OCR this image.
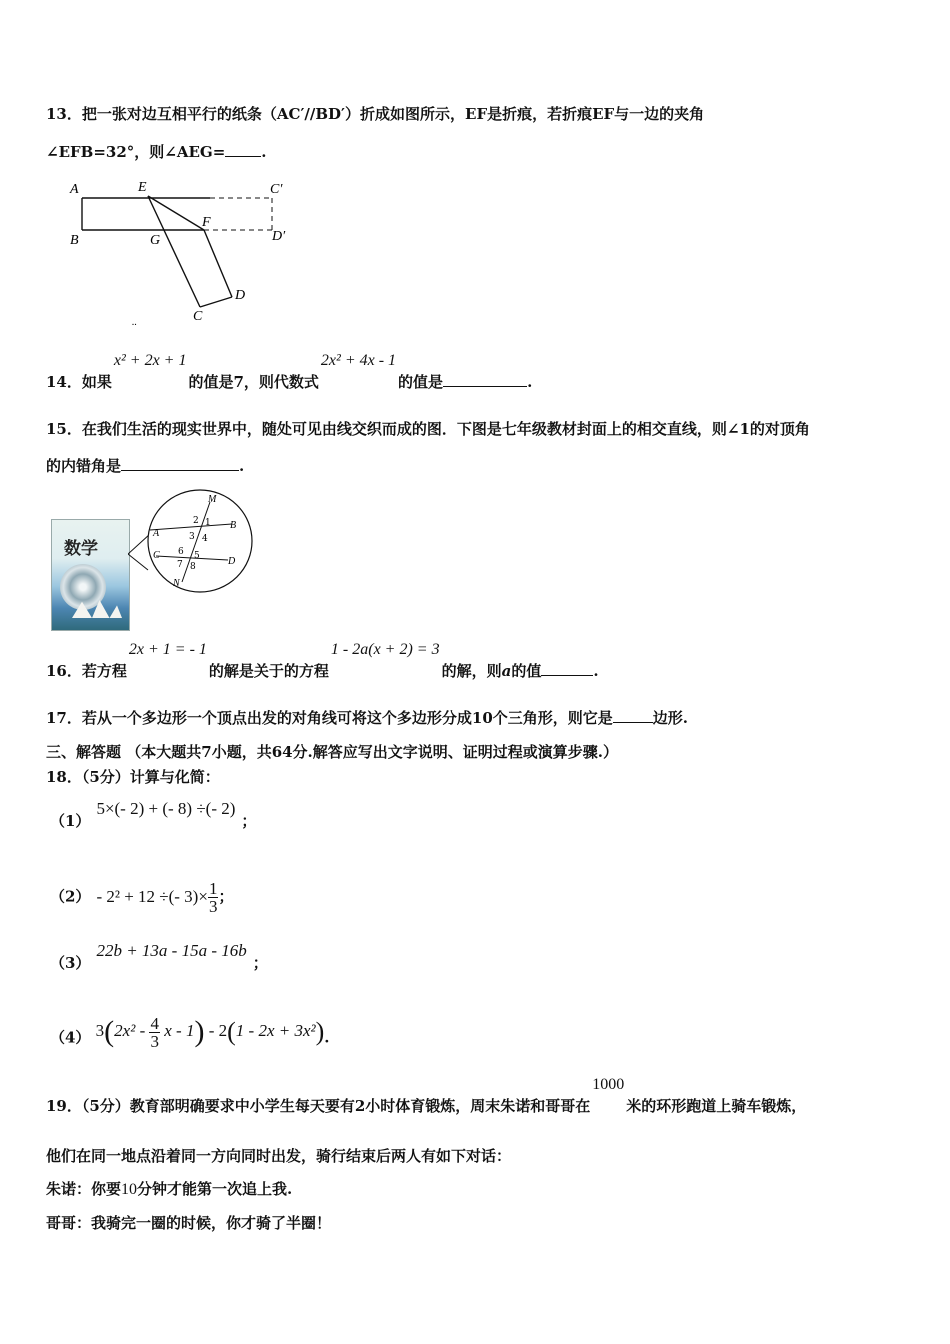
13．把一张对边互相平行的纸条（AC′//BD′）折成如图所示，EF是折痕，若折痕EF与一边的夹角
∠EFB=32°，则∠AEG= .
A	E	C′
B	G
F
D′
D
C
..
14．如果x² + 2x + 1的值是7，则代数式2x² + 4x - 1的值是	.
15．在我们生活的现实世界中，随处可见由线交织而成的图．下图是七年级教材封面上的相交直线，则∠1的对顶角
的内错角是	.
数学
M
A
B
C
D
N
2 1
3 4
6 5
7 8
16．若方程2x + 1 = - 1的解是关于的方程1 - 2a(x + 2) = 3的解，则a的值	.
17．若从一个多边形一个顶点出发的对角线可将这个多边形分成10个三角形，则它是	边形.
三、解答题 （本大题共7小题，共64分.解答应写出文字说明、证明过程或演算步骤.）
18．（5分）计算与化简：
（1）5×(- 2) + (- 8) ÷(- 2)；
（2） - 2² + 12 ÷(- $3)\times \frac{1}{3}$ ；
（3）22b + 13a - 15a - 16b；
（4） $3(2x^2 - \frac{4}{3}$ x - 1) - 2(1 - 2x + 3x²).
19．（5分）教育部明确要求中小学生每天要有2小时体育锻炼，周末朱诺和哥哥在1000米的环形跑道上骑车锻炼，
他们在同一地点沿着同一方向同时出发，骑行结束后两人有如下对话：
朱诺：你要10分钟才能第一次追上我.
哥哥：我骑完一圈的时候，你才骑了半圈！
